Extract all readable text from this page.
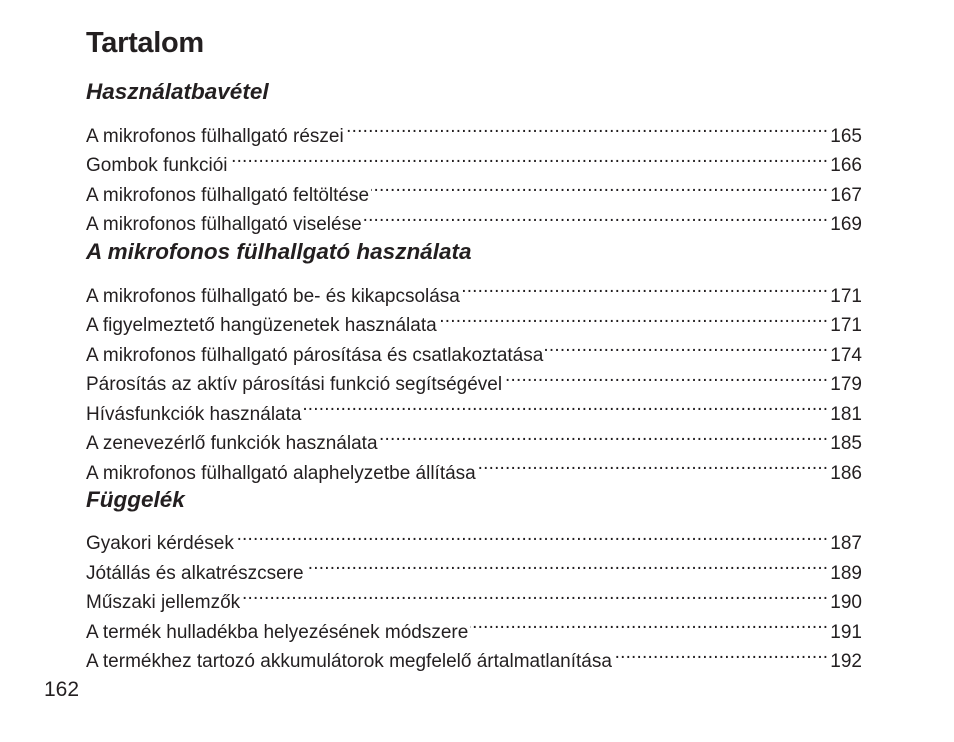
Tartalom
Használatbavétel
A mikrofonos fülhallgató részei .....	165
Gombok funkciói .....	166
A mikrofonos fülhallgató feltöltése .....	167
A mikrofonos fülhallgató viselése .....	169
A mikrofonos fülhallgató használata
A mikrofonos fülhallgató be- és kikapcsolása .....	171
A figyelmeztető hangüzenetek használata .....	171
A mikrofonos fülhallgató párosítása és csatlakoztatása .....	174
Párosítás az aktív párosítási funkció segítségével .....	179
Hívásfunkciók használata .....	181
A zenevezérlő funkciók használata .....	185
A mikrofonos fülhallgató alaphelyzetbe állítása .....	186
Függelék
Gyakori kérdések .....	187
Jótállás és alkatrészcsere .....	189
Műszaki jellemzők .....	190
A termék hulladékba helyezésének módszere .....	191
A termékhez tartozó akkumulátorok megfelelő ártalmatlanítása .....	192
162
